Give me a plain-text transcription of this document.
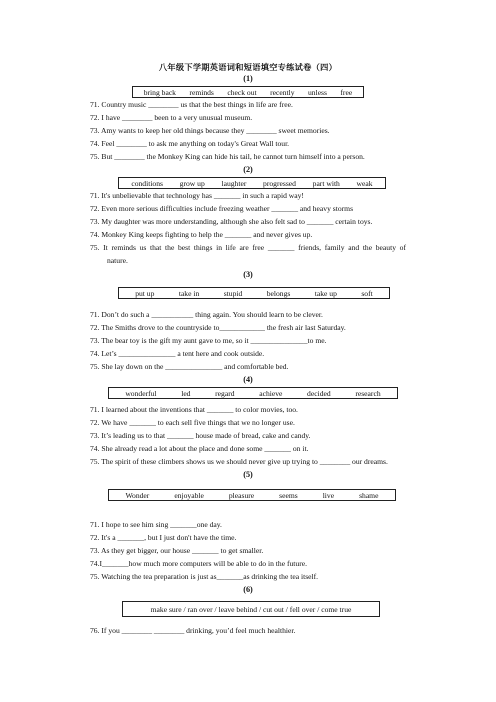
八年级下学期英语词和短语填空专练试卷（四）
(1)
bring back reminds check out recently unless free
71. Country music ________ us that the best things in life are free.
72. I have ________ been to a very unusual museum.
73. Amy wants to keep her old things because they ________ sweet memories.
74. Feel ________ to ask me anything on today's Great Wall tour.
75. But ________ the Monkey King can hide his tail, he cannot turn himself into a person.
(2)
conditions grow up laughter progressed part with weak
71. It's unbelievable that technology has _______ in such a rapid way!
72. Even more serious difficulties include freezing weather _______ and heavy storms
73. My daughter was more understanding, although she also felt sad to _______ certain toys.
74. Monkey King keeps fighting to help the _______ and never gives up.
75. It reminds us that the best things in life are free _______ friends, family and the beauty of
nature.
(3)
put up	take in	stupid	belongs	take up	soft
71. Don’t do such a ___________ thing again. You should learn to be clever.
72. The Smiths drove to the countryside to____________ the fresh air last Saturday.
73. The bear toy is the gift my aunt gave to me, so it _______________to me.
74. Let’s _______________ a tent here and cook outside.
75. She lay down on the _______________ and comfortable bed.
(4)
wonderful	led	regard	achieve	decided	research
71. I learned about the inventions that _______ to color movies, too.
72. We have _______ to each sell five things that we no longer use.
73. It’s leading us to that _______ house made of bread, cake and candy.
74. She already read a lot about the place and done some _______ on it.
75. The spirit of these climbers shows us we should never give up trying to ________ our dreams.
(5)
Wonder	enjoyable	pleasure	seems	live	shame
71. I hope to see him sing _______one day.
72. It's a _______, but I just don't have the time.
73. As they get bigger, our house _______ to get smaller.
74.I_______how much more computers will be able to do in the future.
75. Watching the tea preparation is just as_______as drinking the tea itself.
(6)
make sure / ran over / leave behind / cut out / fell over / come true
76. If you ________ ________ drinking, you’d feel much healthier.
